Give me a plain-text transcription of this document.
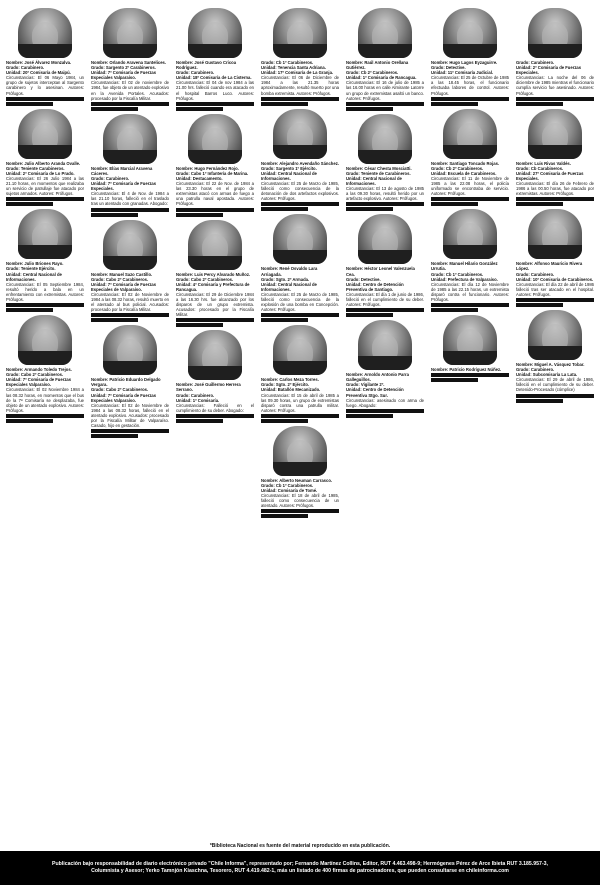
Nombre: José Álvarez Monzalva.
Grado: Carabinero.
Unidad: 20ª Comisaría de Maipú.
Circunstancias: El 06 Mayo 1984, un grupo de sujetos interceptan al Sargento carabinero y lo asesinan. Autores: Prófugos.
Nombre: Julio Alberto Aranda Ovalle.
Grado: Teniente Carabineros.
Unidad: 2ª Comisaría de Lo Prado.
Circunstancias: El 26 Julio 1984 a las 21.10 horas, en momentos que realizaba un servicio de patrullaje fue atacado por sujetos armados. Autores: Prófugos.
Nombre: Julio Briones Rayo.
Grado: Teniente Ejército.
Unidad: Central Nacional de Informaciones.
Circunstancias: El 05 Septiembre 1984, resultó herido a bala en un enfrentamiento con extremistas. Autores: Prófugos.
Nombre: Armando Toledo Trejos.
Grado: Cabo 2º Carabineros.
Unidad: 7ª Comisaría de Fuerzas Especiales Valparaíso.
Circunstancias: El 02 Noviembre 1984 a las 08.32 horas, en momentos que el bus de la 7ª Comisaría se desplazaba, fue objeto de un atentado explosivo. Autores: Prófugos.
Nombre: Orlando Aravena Santelices.
Grado: Sargento 2º Carabineros.
Unidad: 7ª Comisaría de Fuerzas Especiales Valparaíso.
Circunstancias: El 02 de noviembre de 1984, fue objeto de un atentado explosivo en la Avenida Portales. Acusados: procesado por la Fiscalía Militar.
Nombre: Elías Marcial Aravena Cáceres.
Grado: Carabinero.
Unidad: 7ª Comisaría de Fuerzas Especiales.
Circunstancias: El 4 de Nov. de 1984 a las 21.10 horas, falleció en el traslado tras un atentado con granadas. Abogado:
Nombre: Manuel Sazo Castillo.
Grado: Cabo 2º Carabineros.
Unidad: 7ª Comisaría de Fuerzas Especiales de Valparaíso.
Circunstancias: El 02 de Noviembre de 1984 a las 08.32 horas, resultó muerto en el atentado al bus policial. Acusados: procesado por la Fiscalía Militar.
Nombre: Patricio Eduardo Delgado Vergara.
Grado: Cabo 2º Carabineros.
Unidad: 7ª Comisaría de Fuerzas Especiales Valparaíso.
Circunstancias: El 02 de Noviembre de 1984 a las 08.32 horas, falleció en el atentado explosivo. Acusados: procesado por la Fiscalía Militar de Valparaíso. Casado, hijo en gestación.
Nombre: José Gustavo Cricoa Rodríguez.
Grado: Carabinero.
Unidad: 18ª Comisaría de La Cisterna.
Circunstancias: El 04 de nov 1984 a las 21.00 hrs. falleció cuando era atacado en el hospital Barros Luco. Autores: Prófugos.
Nombre: Hugo Fernández Rojo.
Grado: Cabo 1º Infantería de Marina.
Unidad: Destacamento.
Circunstancias: El 22 de Nov. de 1984 a las 23.30 horas en el grupo de extremistas atacó con armas de fuego a una patrulla naval apostada. Autores: Prófugos.
Nombre: Luis Percy Alvarado Muñoz.
Grado: Cabo 2º Carabineros.
Unidad: 4ª Comisaría y Prefectura de Rancagua.
Circunstancias: El 29 de Diciembre 1984 a las 16.30 hrs. fue alcanzado por los disparos de un grupo extremista. Acusados: procesado por la Fiscalía Militar.
Nombre: José Guillermo Herrera Serrano.
Grado: Carabinero.
Unidad: 1ª Comisaría.
Circunstancias: Falleció en el cumplimiento de su deber. Abogado:
Grado: Cb 1º Carabineros.
Unidad: Tenencia Santa Adriana.
Unidad: 17ª Comisaría de La Granja.
Circunstancias: El 06 de Diciembre de 1984 a las 21.35 horas aproximadamente, resultó muerto por una bomba extremista. Autores: Prófugos.
Nombre: Alejandro Avendaño Sánchez.
Grado: Sargento 1º Ejército.
Unidad: Central Nacional de Informaciones.
Circunstancias: El 25 de Marzo de 1985, falleció como consecuencia de la detonación de dos artefactos explosivos. Autores: Prófugos.
Nombre: René Osvaldo Lara Arriagada.
Grado: Sgto. 2º Armada.
Unidad: Central Nacional de Informaciones.
Circunstancias: El 25 de Marzo de 1985, falleció como consecuencia de la explosión de una bomba en Concepción. Autores: Prófugos.
Nombre: Carlos Meza Torres.
Grado: Sgto. 2º Ejército.
Unidad: Batallón Mecanizado.
Circunstancias: El 15 de abril de 1985 a las 09.30 horas, un grupo de extremistas disparó contra una patrulla militar. Autores: Prófugos.
Nombre: Alberto Neuman Carrasco.
Grado: Cb 1º Carabineros.
Unidad: Comisaría de Tomé.
Circunstancias: El 18 de abril de 1985, falleció como consecuencia de un atentado. Autores: Prófugos.
Nombre: Raúl Antonio Orellana Gutiérrez.
Grado: Cb 2º Carabineros.
Unidad: 1ª Comisaría de Rancagua.
Circunstancias: El 16 de julio de 1985 a las 16.00 horas en calle Almirante Latorre un grupo de extremistas asaltó un banco. Autores: Prófugos.
Nombre: César Chesta Mosciatti.
Grado: Teniente de Carabineros.
Unidad: Central Nacional de Informaciones.
Circunstancias: El 13 de agosto de 1985 a las 09.30 horas, resultó herido por un artefacto explosivo. Autores: Prófugos.
Nombre: Héctor Leonel Valenzuela Cea.
Grado: Detective.
Unidad: Centro de Detención Preventiva de Santiago.
Circunstancias: El día 1 de junio de 1986, falleció en el cumplimiento de su deber. Autores: Prófugos.
Nombre: Arnoldo Antonio Parra Galleguillos.
Grado: Vigilante 2º.
Unidad: Centro de Detención Preventiva Stgo. Sur.
Circunstancias: asesinado con arma de fuego. Abogado:
Nombre: Hugo Lagos Eyzaguirre.
Grado: Detective.
Unidad: 11ª Comisaría Judicial.
Circunstancias: El 25 de Octubre de 1985 a las 18.45 horas, el funcionario efectuaba labores de control. Autores: Prófugos.
Nombre: Santiago Toncado Rojas.
Grado: Cb 2º Carabineros.
Unidad: Escuela de Carabineros.
Circunstancias: El 11 de Noviembre de 1985 a las 22.08 horas, el policía uniformado se encontraba de servicio. Autores: Prófugos.
Nombre: Manuel Hilario González Urrutia.
Grado: Cb 1º Carabineros.
Unidad: Prefectura de Valparaíso.
Circunstancias: El día 12 de Noviembre de 1985 a las 22.15 horas, un extremista disparó contra el funcionario. Autores: Prófugos.
Nombre: Patricio Rodríguez Núñez.
Grado: Carabinero.
Unidad: 2ª Comisaría de Fuerzas Especiales.
Circunstancias: La noche del 06 de diciembre de 1985 mientras el funcionario cumplía servicio fue asesinado. Autores: Prófugos.
Nombre: Luis Rivas Valdés.
Grado: Cb Carabineros.
Unidad: 27ª Comisaría de Fuerzas Especiales.
Circunstancias: El día 26 de Febrero de 1986 a las 00.50 horas, fue atacado por extremistas. Autores: Prófugos.
Nombre: Alfonso Mauricio Rivera López.
Grado: Carabinero.
Unidad: 10ª Comisaría de Carabineros.
Circunstancias: El día 22 de abril de 1986 falleció tras ser atacado en el hospital. Autores: Prófugos.
Nombre: Miguel A. Vásquez Tobar.
Grado: Carabinero.
Unidad: Subcomisaría La Lata.
Circunstancias: El 29 de abril de 1986, falleció en el cumplimiento de su deber. Detenido-Procesado (cómplice)
*Biblioteca Nacional es fuente del material reproducido en esta publicación.
Publicación bajo responsabilidad de diario electrónico privado "Chile Informa", representado por; Fernando Martínez Collins, Editor, RUT 4.463.498-9; Hermógenes Pérez de Arce Ibieta RUT 3.185.957-3,
Columnista y Asesor; Yerko Tamnjón Kiaschna, Tesorero, RUT 4.419.482-1, más un listado de 400 firmas de patrocinadores, que pueden consultarse en chileinforma.com
